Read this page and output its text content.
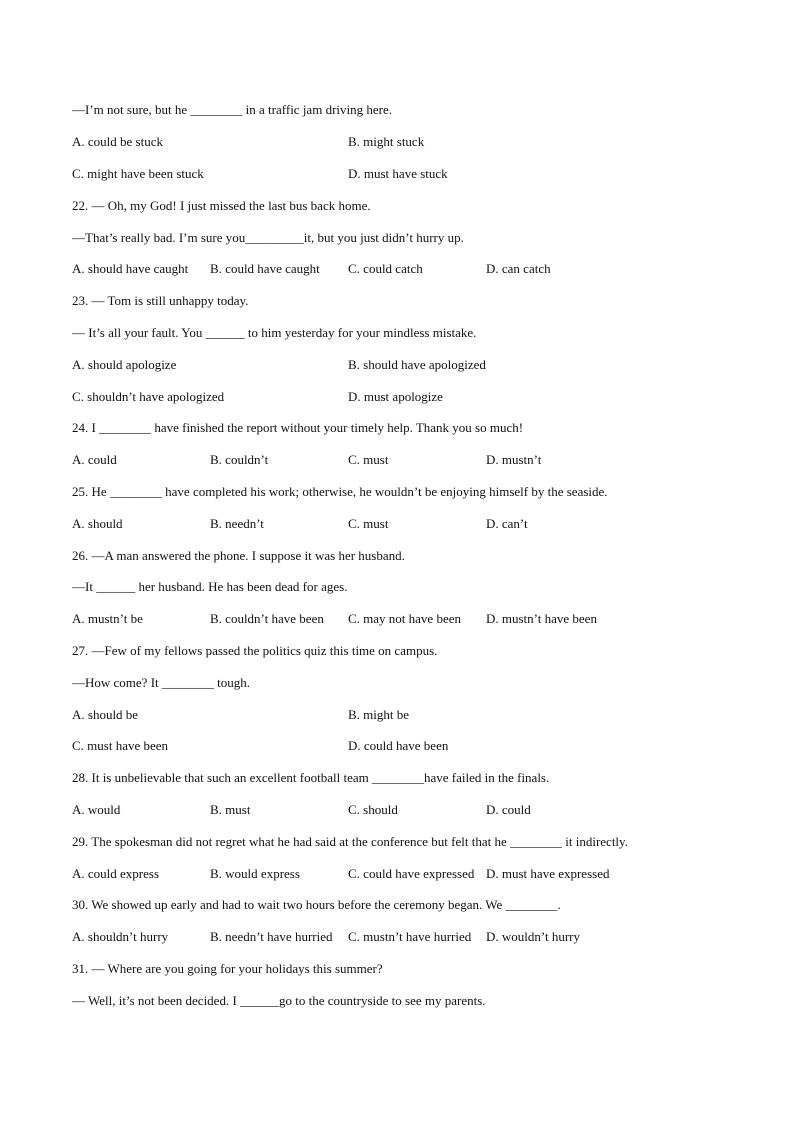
—I’m not sure, but he ________ in a traffic jam driving here.
A. could be stuck	B. might stuck
C. might have been stuck	D. must have stuck
22. — Oh, my God! I just missed the last bus back home.
—That’s really bad. I’m sure you_________it, but you just didn’t hurry up.
A. should have caught B. could have caught C. could catch	D. can catch
23. — Tom is still unhappy today.
— It’s all your fault. You ______ to him yesterday for your mindless mistake.
A. should apologize	B. should have apologized
C. shouldn’t have apologized	D. must apologize
24. I ________ have finished the report without your timely help. Thank you so much!
A. could	B. couldn’t	C. must	D. mustn’t
25. He ________ have completed his work; otherwise, he wouldn’t be enjoying himself by the seaside.
A. should	B. needn’t	C. must	D. can’t
26. —A man answered the phone. I suppose it was her husband.
—It ______ her husband. He has been dead for ages.
A. mustn’t be	B. couldn’t have been C. may not have been D. mustn’t have been
27. —Few of my fellows passed the politics quiz this time on campus.
—How come? It ________ tough.
A. should be	B. might be
C. must have been	D. could have been
28. It is unbelievable that such an excellent football team ________have failed in the finals.
A. would	B. must	C. should	D. could
29. The spokesman did not regret what he had said at the conference but felt that he ________ it indirectly.
A. could express	B. would express	C. could have expressed D. must have expressed
30. We showed up early and had to wait two hours before the ceremony began. We ________.
A. shouldn’t hurry	B. needn’t have hurried C. mustn’t have hurried D. wouldn’t hurry
31. — Where are you going for your holidays this summer?
— Well, it’s not been decided. I ______go to the countryside to see my parents.
